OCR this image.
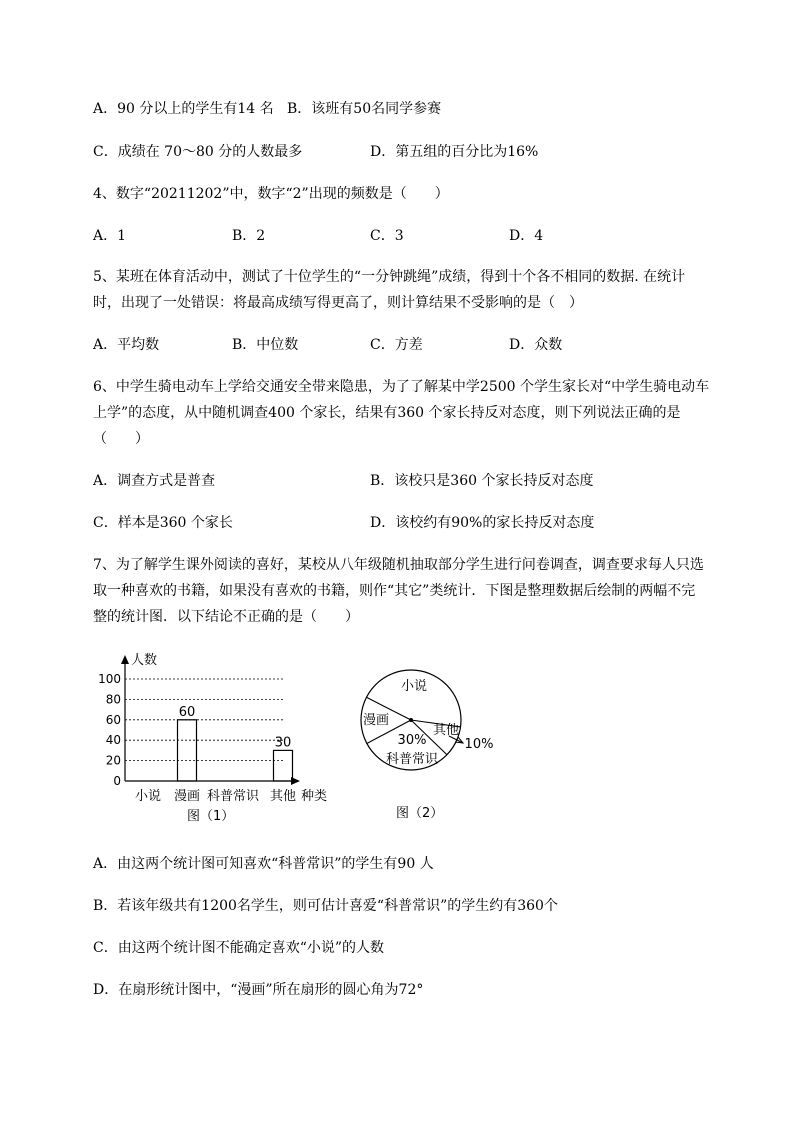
A．90 分以上的学生有14 名 B．该班有50名同学参赛
C．成绩在 70～80 分的人数最多	D．第五组的百分比为16%
4、数字“20211202”中，数字“2”出现的频数是（　　）
A．1	B．2	C．3	D．4
5、某班在体育活动中，测试了十位学生的“一分钟跳绳”成绩，得到十个各不相同的数据. 在统计
时，出现了一处错误：将最高成绩写得更高了，则计算结果不受影响的是（　）
A．平均数	B．中位数	C．方差	D．众数
6、中学生骑电动车上学给交通安全带来隐患，为了了解某中学2500 个学生家长对“中学生骑电动车
上学”的态度，从中随机调查400 个家长，结果有360 个家长持反对态度，则下列说法正确的是
（　　）
A．调查方式是普查	B．该校只是360 个家长持反对态度
C．样本是360 个家长	D．该校约有90%的家长持反对态度
7、为了解学生课外阅读的喜好，某校从八年级随机抽取部分学生进行问卷调查，调查要求每人只选
取一种喜欢的书籍，如果没有喜欢的书籍，则作“其它”类统计．下图是整理数据后绘制的两幅不完
整的统计图．以下结论不正确的是（　　）
0
20
40
60
80
100
60
30
人数
种类
小说 漫画 科普常识 其他
图（1）
小说
漫画
其他
科普常识
30%	10%
图（2）
A．由这两个统计图可知喜欢“科普常识”的学生有90 人
B．若该年级共有1200名学生，则可估计喜爱“科普常识”的学生约有360个
C．由这两个统计图不能确定喜欢“小说”的人数
D．在扇形统计图中，“漫画”所在扇形的圆心角为72°
